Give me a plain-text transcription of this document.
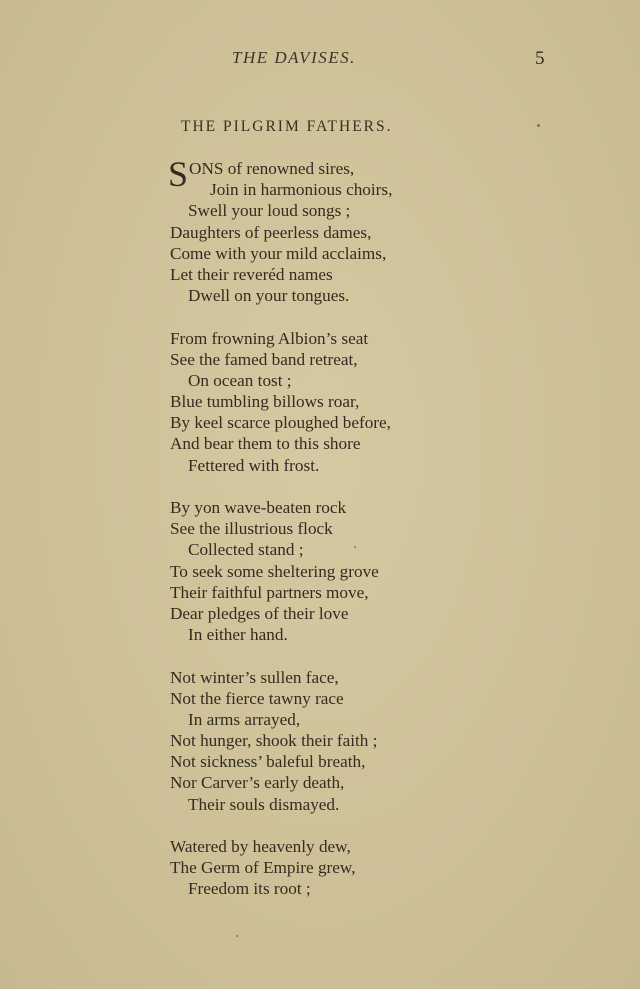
THE DAVISES.	5
THE PILGRIM FATHERS.
SONS of renowned sires,
Join in harmonious choirs,
Swell your loud songs ;
Daughters of peerless dames,
Come with your mild acclaims,
Let their reveréd names
Dwell on your tongues.
From frowning Albion’s seat
See the famed band retreat,
On ocean tost ;
Blue tumbling billows roar,
By keel scarce ploughed before,
And bear them to this shore
Fettered with frost.
By yon wave-beaten rock
See the illustrious flock
Collected stand ;
To seek some sheltering grove
Their faithful partners move,
Dear pledges of their love
In either hand.
Not winter’s sullen face,
Not the fierce tawny race
In arms arrayed,
Not hunger, shook their faith ;
Not sickness’ baleful breath,
Nor Carver’s early death,
Their souls dismayed.
Watered by heavenly dew,
The Germ of Empire grew,
Freedom its root ;
